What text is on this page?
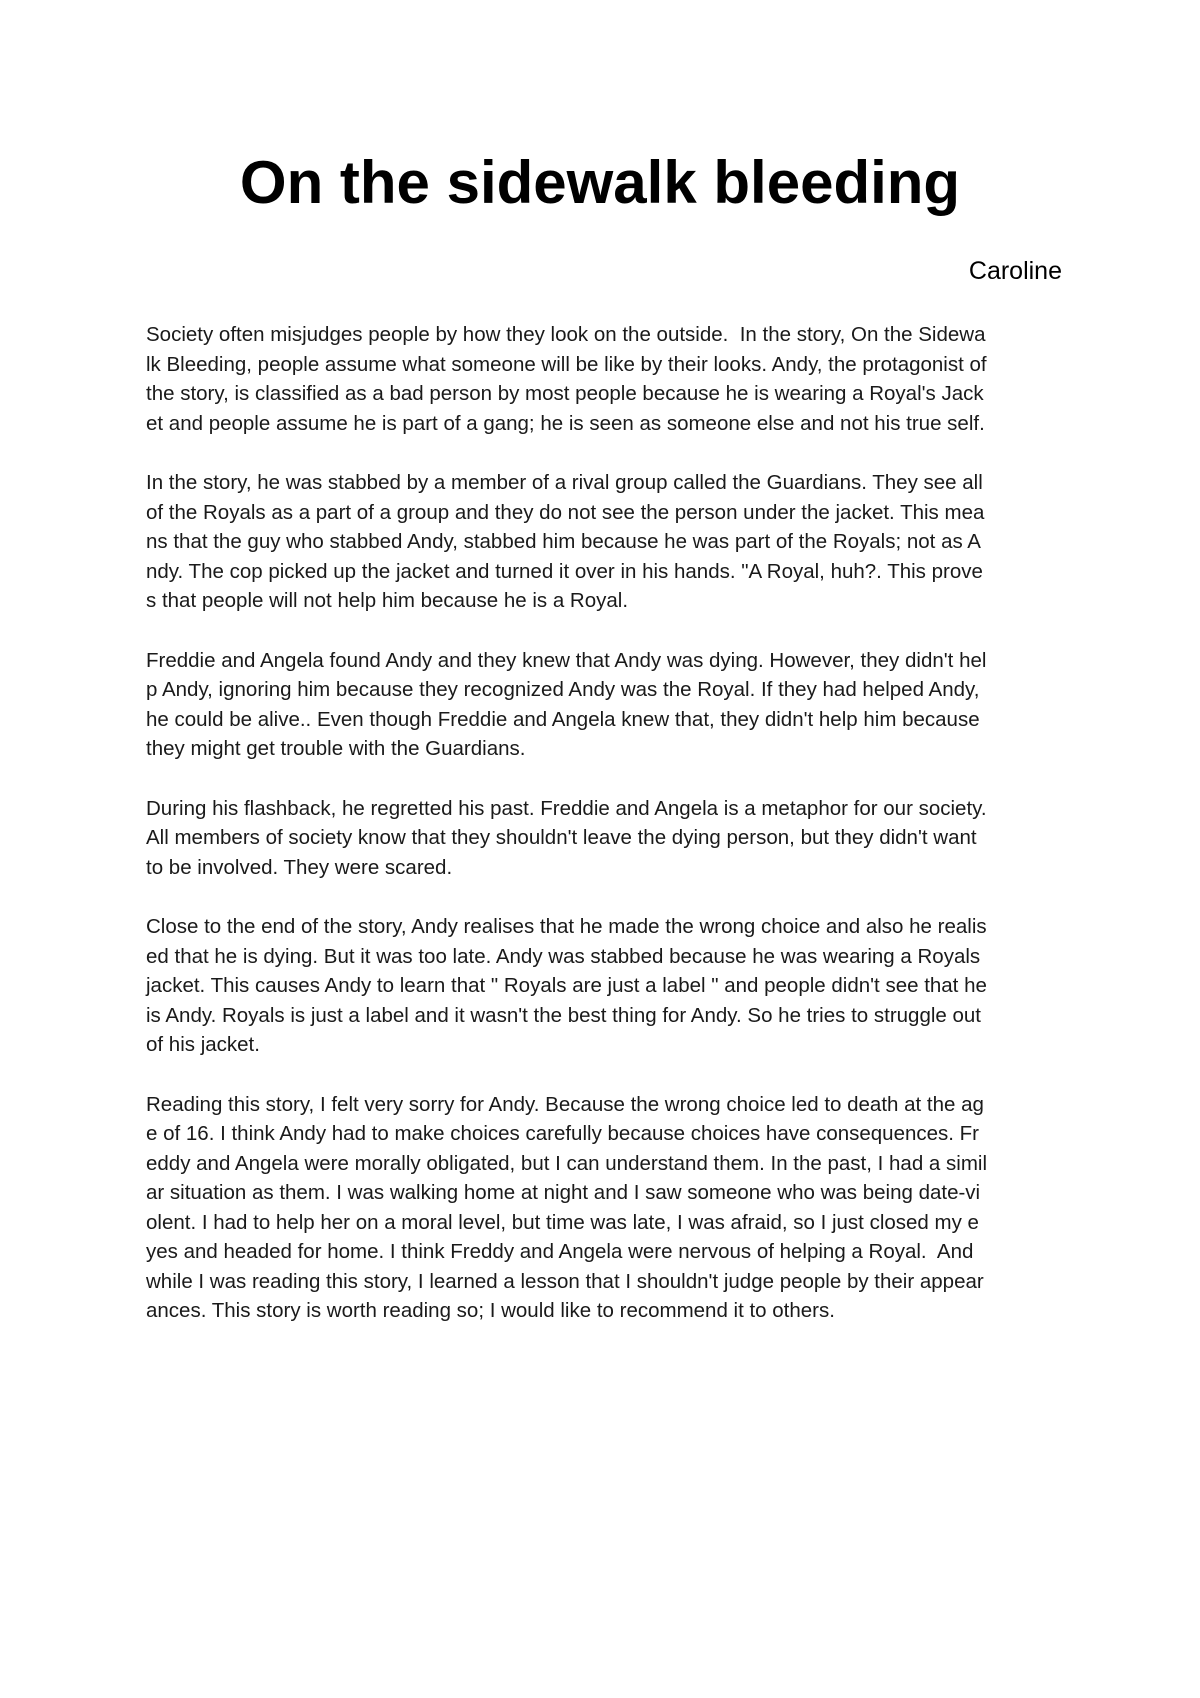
On the sidewalk bleeding
Caroline

Society often misjudges people by how they look on the outside.  In the story, On the Sidewa
lk Bleeding, people assume what someone will be like by their looks. Andy, the protagonist of
the story, is classified as a bad person by most people because he is wearing a Royal's Jack
et and people assume he is part of a gang; he is seen as someone else and not his true self.

In the story, he was stabbed by a member of a rival group called the Guardians. They see all
of the Royals as a part of a group and they do not see the person under the jacket. This mea
ns that the guy who stabbed Andy, stabbed him because he was part of the Royals; not as A
ndy. The cop picked up the jacket and turned it over in his hands. "A Royal, huh?. This prove
s that people will not help him because he is a Royal.

Freddie and Angela found Andy and they knew that Andy was dying. However, they didn't hel
p Andy, ignoring him because they recognized Andy was the Royal. If they had helped Andy,
he could be alive.. Even though Freddie and Angela knew that, they didn't help him because
they might get trouble with the Guardians.

During his flashback, he regretted his past. Freddie and Angela is a metaphor for our society.
All members of society know that they shouldn't leave the dying person, but they didn't want
to be involved. They were scared.

Close to the end of the story, Andy realises that he made the wrong choice and also he realis
ed that he is dying. But it was too late. Andy was stabbed because he was wearing a Royals
jacket. This causes Andy to learn that " Royals are just a label " and people didn't see that he
is Andy. Royals is just a label and it wasn't the best thing for Andy. So he tries to struggle out
of his jacket.

Reading this story, I felt very sorry for Andy. Because the wrong choice led to death at the ag
e of 16. I think Andy had to make choices carefully because choices have consequences. Fr
eddy and Angela were morally obligated, but I can understand them. In the past, I had a simil
ar situation as them. I was walking home at night and I saw someone who was being date-vi
olent. I had to help her on a moral level, but time was late, I was afraid, so I just closed my e
yes and headed for home. I think Freddy and Angela were nervous of helping a Royal.  And
while I was reading this story, I learned a lesson that I shouldn't judge people by their appear
ances. This story is worth reading so; I would like to recommend it to others.
